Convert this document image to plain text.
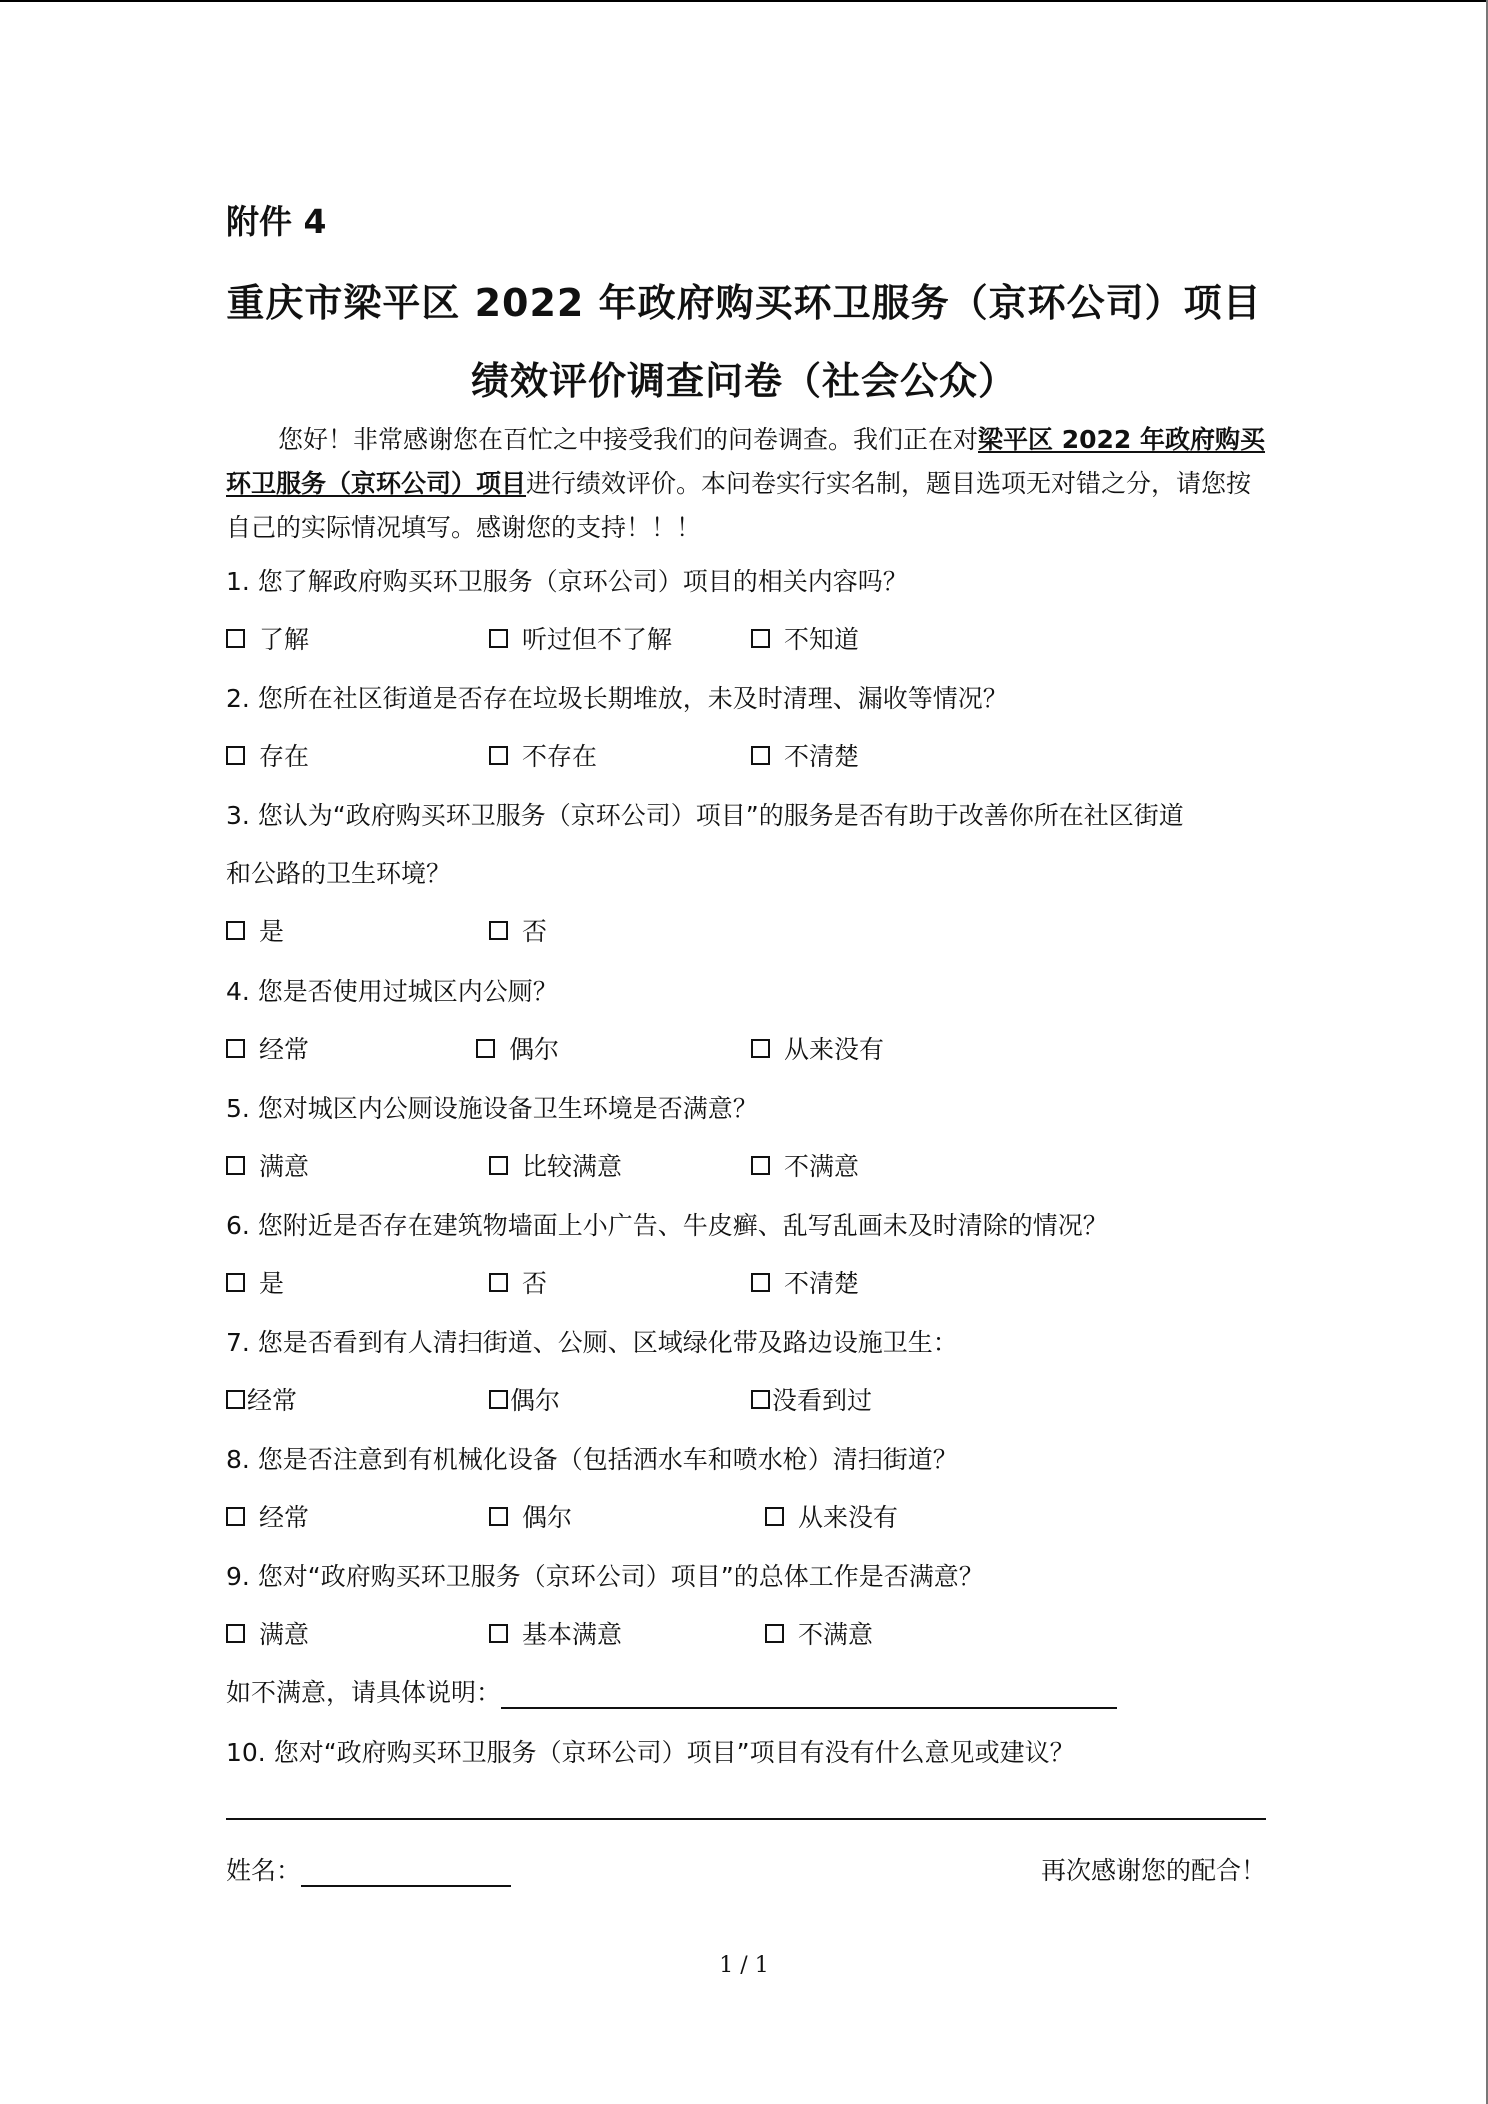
附件 4
重庆市梁平区 2022 年政府购买环卫服务（京环公司）项目
绩效评价调查问卷（社会公众）
您好！非常感谢您在百忙之中接受我们的问卷调查。我们正在对梁平区 2022 年政府购买环卫服务（京环公司）项目进行绩效评价。本问卷实行实名制，题目选项无对错之分，请您按自己的实际情况填写。感谢您的支持！！！
1. 您了解政府购买环卫服务（京环公司）项目的相关内容吗？
了解	听过但不了解	不知道
2. 您所在社区街道是否存在垃圾长期堆放，未及时清理、漏收等情况？
存在	不存在	不清楚
3. 您认为“政府购买环卫服务（京环公司）项目”的服务是否有助于改善你所在社区街道
和公路的卫生环境？
是	否
4. 您是否使用过城区内公厕？
经常	偶尔	从来没有
5. 您对城区内公厕设施设备卫生环境是否满意？
满意	比较满意	不满意
6. 您附近是否存在建筑物墙面上小广告、牛皮癣、乱写乱画未及时清除的情况？
是	否	不清楚
7. 您是否看到有人清扫街道、公厕、区域绿化带及路边设施卫生：
经常	偶尔	没看到过
8. 您是否注意到有机械化设备（包括洒水车和喷水枪）清扫街道？
经常	偶尔	从来没有
9. 您对“政府购买环卫服务（京环公司）项目”的总体工作是否满意？
满意	基本满意	不满意
如不满意，请具体说明：
10. 您对“政府购买环卫服务（京环公司）项目”项目有没有什么意见或建议？
姓名：	再次感谢您的配合！
1 / 1
